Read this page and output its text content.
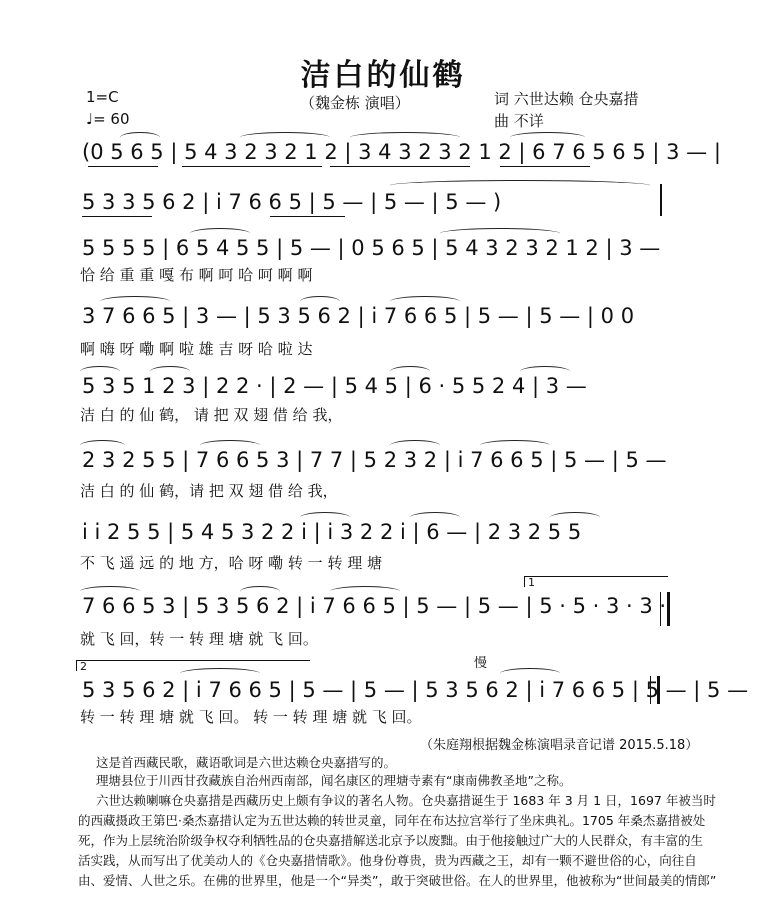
洁白的仙鹤
（魏金栋 演唱）
1=C
♩= 60
词 六世达赖 仓央嘉措
曲 不详
(0 5 6 5 | 5 4 3 2 3 2 1 2 | 3 4 3 2 3 2 1 2 | 6 7 6 5 6 5 | 3 — |
5 3 3 5 6 2 | i 7 6 6 5 | 5 — | 5 — | 5 — )
5 5 5 5 | 6 5 4 5 5 | 5 — | 0 5 6 5 | 5 4 3 2 3 2 1 2 | 3 —
恰 给 重 重 嘎 布 啊 呵 哈 呵 啊 啊
3 7 6 6 5 | 3 — | 5 3 5 6 2 | i 7 6 6 5 | 5 — | 5 — | 0 0
啊 嗨 呀 嘞 啊 啦 雄 吉 呀 哈 啦 达
5 3 5 1 2 3 | 2 2 · | 2 — | 5 4 5 | 6 · 5 5 2 4 | 3 —
洁 白 的 仙 鹤， 请 把 双 翅 借 给 我，
2 3 2 5 5 | 7 6 6 5 3 | 7 7 | 5 2 3 2 | i 7 6 6 5 | 5 — | 5 —
洁 白 的 仙 鹤，请 把 双 翅 借 给 我，
i i 2 5 5 | 5 4 5 3 2 2 i | i 3 2 2 i | 6 — | 2 3 2 5 5
不 飞 遥 远 的 地 方，哈 呀 嘞 转 一 转 理 塘
1
7 6 6 5 3 | 5 3 5 6 2 | i 7 6 6 5 | 5 — | 5 — | 5 · 5 · 3 · 3 ·
就 飞 回，转 一 转 理 塘 就 飞 回。
2	慢
5 3 5 6 2 | i 7 6 6 5 | 5 — | 5 — | 5 3 5 6 2 | i 7 6 6 5 | 5 — | 5 —
转 一 转 理 塘 就 飞 回。 转 一 转 理 塘 就 飞 回。
（朱庭翔根据魏金栋演唱录音记谱 2015.5.18）
这是首西藏民歌，藏语歌词是六世达赖仓央嘉措写的。
理塘县位于川西甘孜藏族自治州西南部，闻名康区的理塘寺素有“康南佛教圣地”之称。
六世达赖喇嘛仓央嘉措是西藏历史上颇有争议的著名人物。仓央嘉措诞生于 1683 年 3 月 1 日，1697 年被当时
的西藏摄政王第巴·桑杰嘉措认定为五世达赖的转世灵童，同年在布达拉宫举行了坐床典礼。1705 年桑杰嘉措被处
死，作为上层统治阶级争权夺利牺牲品的仓央嘉措解送北京予以废黜。由于他接触过广大的人民群众，有丰富的生
活实践，从而写出了优美动人的《仓央嘉措情歌》。他身份尊贵，贵为西藏之王，却有一颗不避世俗的心，向往自
由、爱情、人世之乐。在佛的世界里，他是一个“异类”，敢于突破世俗。在人的世界里，他被称为“世间最美的情郎”
